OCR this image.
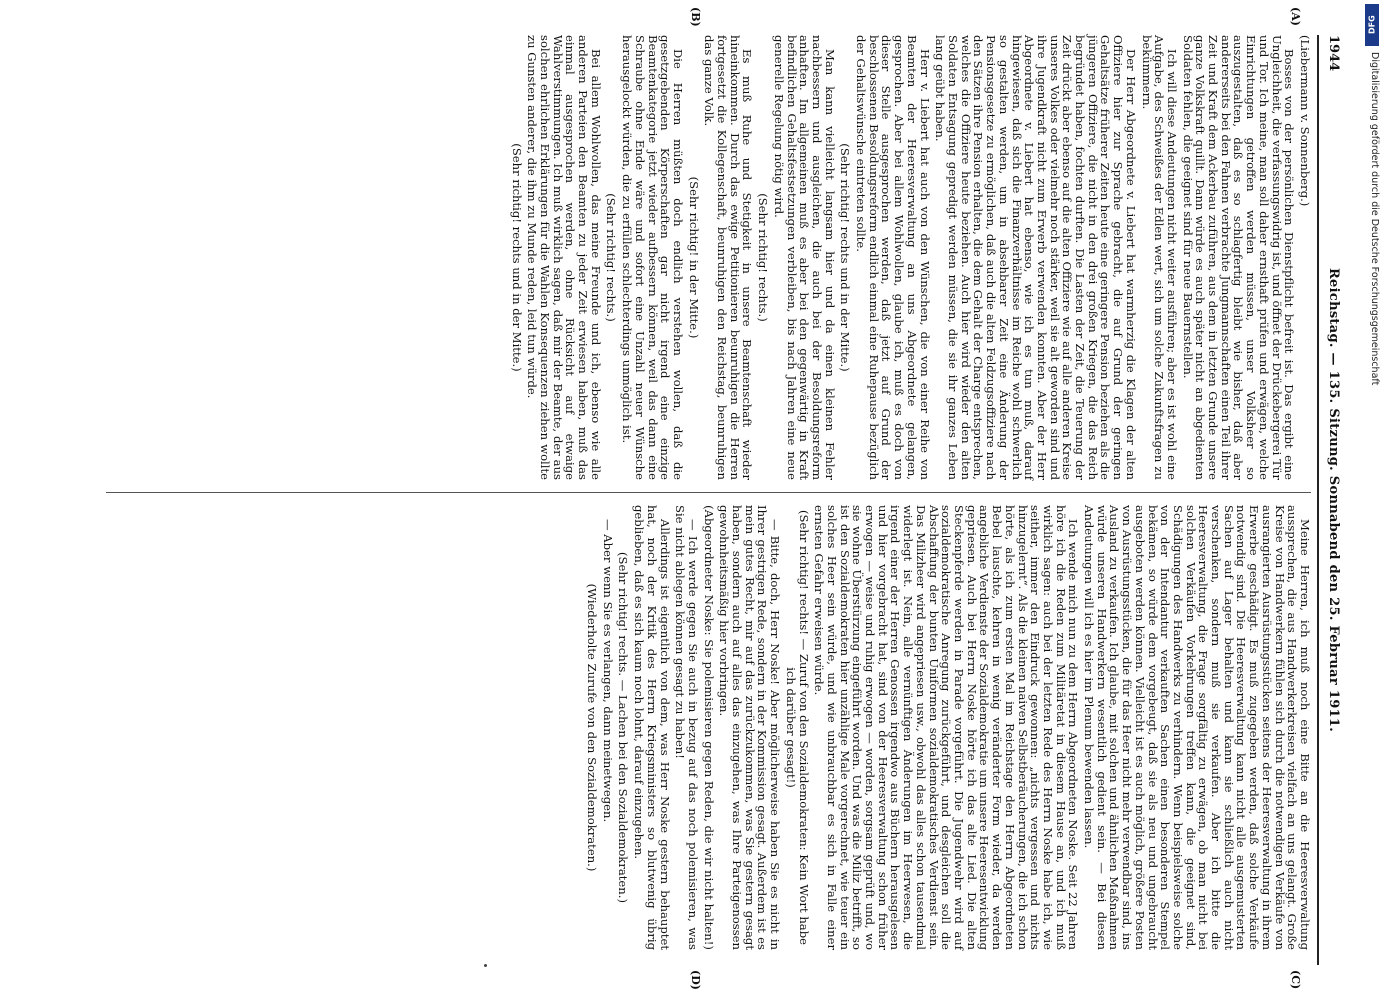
DFG
Digitalisierung gefördert durch die Deutsche Forschungsgemeinschaft
1944
Reichstag. — 135. Sitzung. Sonnabend den 25. Februar 1911.
(A)
(B)
(C)
(D)

(Liebermann v. Sonnenberg.)

Bosses von der persönlichen Dienstpflicht befreit ist. Das ergibt eine Ungleichheit, die verfassungswidrig ist, und öffnet der Drückebergerei Tür und Tor. Ich meine, man soll daher ernsthaft prüfen und erwägen, welche Einrichtungen getroffen werden müssen, unser Volksheer so auszugestalten, daß es so schlagfertig bleibt wie bisher, daß aber andererseits bei den Fahnen verbrachte Jungmannschaften einen Teil ihrer Zeit und Kraft dem Ackerbau zuführen, aus dem in letzten Grunde unsere ganze Volkskraft quillt. Dann würde es auch später nicht an abgedienten Soldaten fehlen, die geeignet sind für neue Bauernstellen.

Ich will diese Andeutungen nicht weiter ausführen; aber es ist wohl eine Aufgabe, des Schweißes der Edlen wert, sich um solche Zukunftsfragen zu bekümmern.

Der Herr Abgeordnete v. Liebert hat warmherzig die Klagen der alten Offiziere hier zur Sprache gebracht, die auf Grund der geringen Gehaltsätze früherer Zeiten heute eine geringere Pension beziehen als die jüngeren Offiziere, die nicht in den drei großen Kriegen, die das Reich begründet haben, fochten durften. Die Lasten der Zeit, die Teuerung der Zeit drückt aber ebenso auf die alten Offiziere wie auf alle anderen Kreise unseres Volkes oder vielmehr noch stärker, weil sie alt geworden sind und ihre Jugendkraft nicht zum Erwerb verwenden konnten. Aber der Herr Abgeordnete v. Liebert hat ebenso, wie ich es tun muß, darauf hingewiesen, daß sich die Finanzverhältnisse im Reiche wohl schwerlich so gestalten werden, um in absehbarer Zeit eine Änderung der Pensionsgesetze zu ermöglichen, daß auch die alten Feldzugsoffiziere nach den Sätzen ihre Pension erhalten, die dem Gehalt der Charge entsprechen, welches die Offiziere heute beziehen. Auch hier wird wieder den alten Soldaten Entsagung gepredigt werden müssen, die sie ihr ganzes Leben lang geübt haben.

Herr v. Liebert hat auch von den Wünschen, die von einer Reihe von Beamten der Heeresverwaltung an uns Abgeordnete gelangen, gesprochen. Aber bei allem Wohlwollen, glaube ich, muß es doch von dieser Stelle ausgesprochen werden, daß jetzt auf Grund der beschlossenen Besoldungsreform endlich einmal eine Ruhepause bezüglich der Gehaltswünsche eintreten sollte.

(Sehr richtig! rechts und in der Mitte.)

Man kann vielleicht langsam hier und da einen kleinen Fehler nachbessern und ausgleichen, die auch bei der Besoldungsreform anhaften. Im allgemeinen muß es aber bei den gegenwärtig in Kraft befindlichen Gehaltsfestsetzungen verbleiben, bis nach Jahren eine neue generelle Regelung nötig wird.

(Sehr richtig! rechts.)

Es muß Ruhe und Stetigkeit in unsere Beamtenschaft wieder hineinkommen. Durch das ewige Petitionieren beunruhigen die Herren fortgesetzt die Kollegenschaft, beunruhigen den Reichstag, beunruhigen das ganze Volk.

(Sehr richtig! in der Mitte.)

Die Herren müßten doch endlich verstehen wollen, daß die gesetzgebenden Körperschaften gar nicht irgend eine einzige Beamtenkategorie jetzt wieder aufbessern können, weil das dann eine Schraube ohne Ende wäre und sofort eine Unzahl neuer Wünsche herausgelockt würden, die zu erfüllen schlechterdings unmöglich ist.

(Sehr richtig! rechts.)

Bei allem Wohlwollen, das meine Freunde und ich, ebenso wie alle anderen Parteien den Beamten zu jeder Zeit erwiesen haben, muß das einmal ausgesprochen werden, ohne Rücksicht auf etwaige Wahlverstimmungen. Ich muß wirklich sagen, daß mir der Beamte, der aus solchen ehrlichen Erklärungen für die Wahlen Konsequenzen ziehen wollte zu Gunsten anderer, die ihm zu Munde reden, leid tun würde.

(Sehr richtig! rechts und in der Mitte.)

Meine Herren, ich muß noch eine Bitte an die Heeresverwaltung aussprechen, die aus Handwerkerkreisen vielfach an uns gelangt. Große Kreise von Handwerkern fühlen sich durch die notwendigen Verkäufe von ausrangierten Ausrüstungsstücken seitens der Heeresverwaltung in ihrem Erwerbe geschädigt. Es muß zugegeben werden, daß solche Verkäufe notwendig sind. Die Heeresverwaltung kann nicht alle ausgemusterten Sachen auf Lager behalten und kann sie schließlich auch nicht verschenken, sondern muß sie verkaufen. Aber ich bitte die Heeresverwaltung, die Frage sorgfältig zu erwägen, ob man nicht bei solchen Verkäufen Vorkehrungen treffen kann, die geeignet sind, Schädigungen des Handwerks zu verhindern. Wenn beispielsweise solche von der Intendantur verkauften Sachen einen besonderen Stempel bekämen, so würde dem vorgebeugt, daß sie als neu und ungebraucht ausgeboten werden können. Vielleicht ist es auch möglich, größere Posten von Ausrüstungsstücken, die für das Heer nicht mehr verwendbar sind, ins Ausland zu verkaufen. Ich glaube, mit solchen und ähnlichen Maßnahmen würde unseren Handwerkern wesentlich gedient sein. — Bei diesen Andeutungen will ich es hier im Plenum bewenden lassen.

Ich wende mich nun zu dem Herrn Abgeordneten Noske. Seit 22 Jahren höre ich die Reden zum Militäretat in diesem Hause an, und ich muß wirklich sagen: auch bei der letzten Rede des Herrn Noske habe ich, wie seither, immer den Eindruck gewonnen: „nichts vergessen und nichts hinzugelernt“. Als die kleinen naiven Selbstberäucherungen, die ich schon hörte, als ich zum ersten Mal im Reichstage den Herrn Abgeordneten Bebel lauschte, kehren in wenig veränderter Form wieder, da werden angebliche Verdienste der Sozialdemokratie um unsere Heeresentwicklung gepriesen. Auch bei Herrn Noske hörte ich das alte Lied. Die alten Steckenpferde werden in Parade vorgeführt. Die Jugendwehr wird auf sozialdemokratische Anregung zurückgeführt, und desgleichen soll die Abschaffung der bunten Uniformen sozialdemokratisches Verdienst sein. Das Milizheer wird angepriesen usw., obwohl das alles schon tausendmal widerlegt ist. Nein, alle vernünftigen Änderungen im Heerwesen, die irgend einer der Herren Genossen irgendwo aus Büchern herausgelesen und hier vorgebracht hat, sind von der Heeresverwaltung schon früher erwogen — weise und ruhig erwogen — worden, sorgsam geprüft und, wo sie wohne Überstürzung eingeführt worden. Und was die Miliz betrifft, so ist den Sozialdemokraten hier unzählige Male vorgerechnet, wie teuer ein solches Heer sein würde, und wie unbrauchbar es sich in Falle einer ernsten Gefahr erweisen würde.

(Sehr richtig! rechts! — Zuruf von den Sozialdemokraten: Kein Wort habe ich darüber gesagt!)

— Bitte, doch, Herr Noske! Aber möglicherweise haben Sie es nicht in Ihrer gestrigen Rede, sondern in der Kommission gesagt. Außerdem ist es mein gutes Recht, mir auf das zurückzukommen, was Sie gestern gesagt haben, sondern auch auf alles das einzugehen, was Ihre Parteigenossen gewohnheitsmäßig hier vorbringen.

(Abgeordneter Noske: Sie polemisieren gegen Reden, die wir nicht halten!)

— Ich werde gegen Sie auch in bezug auf das noch polemisieren, was Sie nicht ablegen können gesagt zu haben!

Allerdings ist eigentlich von dem, was Herr Noske gestern behauptet hat, noch der Kritik des Herrn Kriegsministers so blutwenig übrig geblieben, daß es sich kaum noch lohnt, darauf einzugehen.

(Sehr richtig! rechts. — Lachen bei den Sozialdemokraten.)

— Aber wenn Sie es verlangen, dann meinetwegen.

(Wiederholte Zurufe von den Sozialdemokraten.)
